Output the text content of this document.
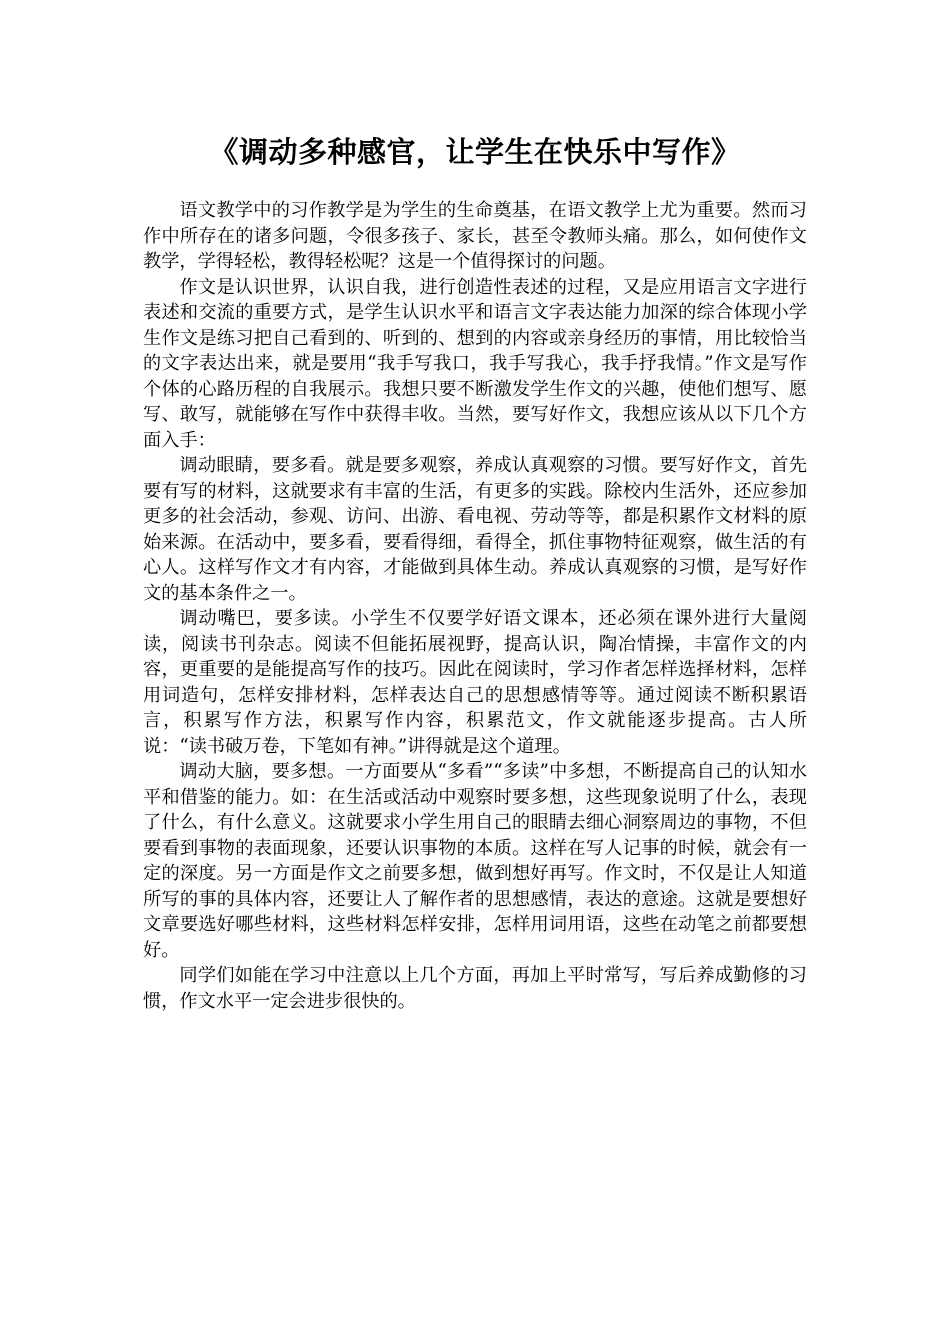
《调动多种感官，让学生在快乐中写作》

语文教学中的习作教学是为学生的生命奠基，在语文教学上尤为重要。然而习作中所存在的诸多问题，令很多孩子、家长，甚至令教师头痛。那么，如何使作文教学，学得轻松，教得轻松呢？这是一个值得探讨的问题。

作文是认识世界，认识自我，进行创造性表述的过程，又是应用语言文字进行表述和交流的重要方式，是学生认识水平和语言文字表达能力加深的综合体现小学生作文是练习把自己看到的、听到的、想到的内容或亲身经历的事情，用比较恰当的文字表达出来，就是要用“我手写我口，我手写我心，我手抒我情。”作文是写作个体的心路历程的自我展示。我想只要不断激发学生作文的兴趣，使他们想写、愿写、敢写，就能够在写作中获得丰收。当然，要写好作文，我想应该从以下几个方面入手：

调动眼睛，要多看。就是要多观察，养成认真观察的习惯。要写好作文，首先要有写的材料，这就要求有丰富的生活，有更多的实践。除校内生活外，还应参加更多的社会活动，参观、访问、出游、看电视、劳动等等，都是积累作文材料的原始来源。在活动中，要多看，要看得细，看得全，抓住事物特征观察，做生活的有心人。这样写作文才有内容，才能做到具体生动。养成认真观察的习惯，是写好作文的基本条件之一。

调动嘴巴，要多读。小学生不仅要学好语文课本，还必须在课外进行大量阅读，阅读书刊杂志。阅读不但能拓展视野，提高认识，陶冶情操，丰富作文的内容，更重要的是能提高写作的技巧。因此在阅读时，学习作者怎样选择材料，怎样用词造句，怎样安排材料，怎样表达自己的思想感情等等。通过阅读不断积累语言，积累写作方法，积累写作内容，积累范文，作文就能逐步提高。古人所说：“读书破万卷，下笔如有神。”讲得就是这个道理。

调动大脑，要多想。一方面要从“多看”“多读”中多想，不断提高自己的认知水平和借鉴的能力。如：在生活或活动中观察时要多想，这些现象说明了什么，表现了什么，有什么意义。这就要求小学生用自己的眼睛去细心洞察周边的事物，不但要看到事物的表面现象，还要认识事物的本质。这样在写人记事的时候，就会有一定的深度。另一方面是作文之前要多想，做到想好再写。作文时，不仅是让人知道所写的事的具体内容，还要让人了解作者的思想感情，表达的意途。这就是要想好文章要选好哪些材料，这些材料怎样安排，怎样用词用语，这些在动笔之前都要想好。

同学们如能在学习中注意以上几个方面，再加上平时常写，写后养成勤修的习惯，作文水平一定会进步很快的。
